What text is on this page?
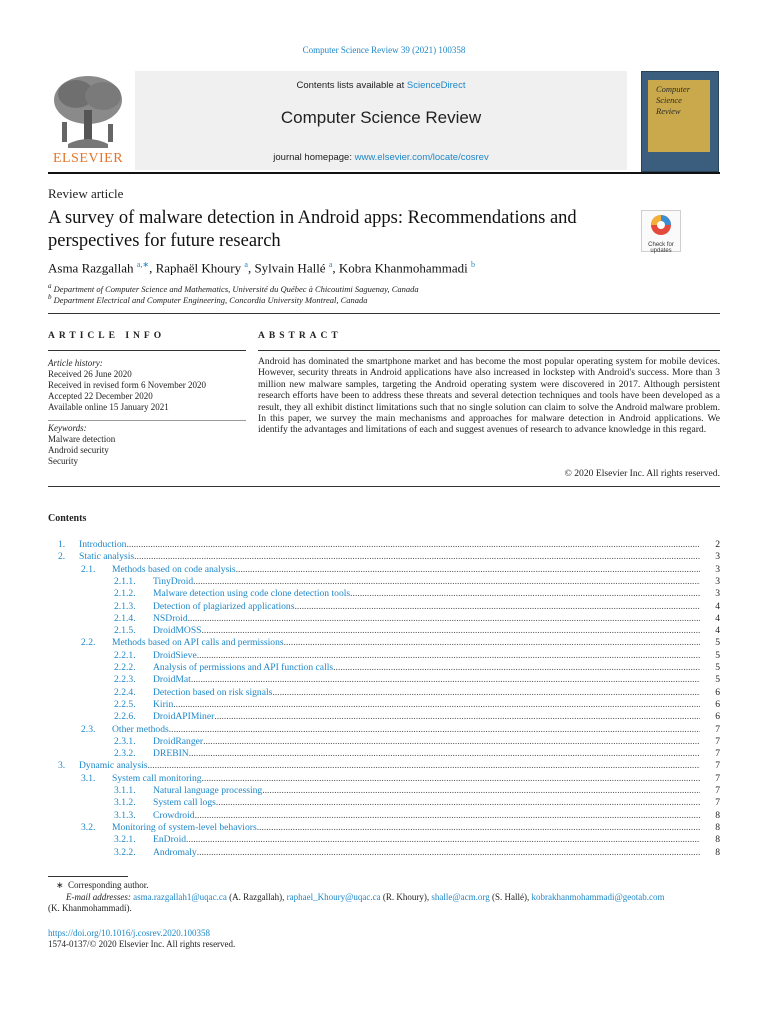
Computer Science Review 39 (2021) 100358
Contents lists available at ScienceDirect
Computer Science Review
journal homepage: www.elsevier.com/locate/cosrev
ELSEVIER
Computer
Science
Review
Review article
A survey of malware detection in Android apps: Recommendations and perspectives for future research	Check for updates
Asma Razgallah $^{a,∗}$, Raphaël Khoury $^a$, Sylvain Hallé $^a$, Kobra Khanmohammadi $^b$
$^a$ Department of Computer Science and Mathematics, Université du Québec à Chicoutimi Saguenay, Canada
$^b$ Department Electrical and Computer Engineering, Concordia University Montreal, Canada
ARTICLE INFO
Article history:
Received 26 June 2020
Received in revised form 6 November 2020
Accepted 22 December 2020
Available online 15 January 2021
Keywords:
Malware detection
Android security
Security
ABSTRACT
Android has dominated the smartphone market and has become the most popular operating system for mobile devices. However, security threats in Android applications have also increased in lockstep with Android's success. More than 3 million new malware samples, targeting the Android operating system were discovered in 2017. Although persistent research efforts have been to address these threats and several detection techniques and tools have been developed as a result, they all exhibit distinct limitations such that no single solution can claim to solve the Android malware problem. In this paper, we survey the main mechanisms and approaches for malware detection in Android applications. We identify the advantages and limitations of each and suggest avenues of research to advance knowledge in this regard.
© 2020 Elsevier Inc. All rights reserved.
Contents
1. Introduction .....	2
2. Static analysis .....	3
2.1. Methods based on code analysis .....	3
2.1.1. TinyDroid .....	3
2.1.2. Malware detection using code clone detection tools .....	3
2.1.3. Detection of plagiarized applications .....	4
2.1.4. NSDroid .....	4
2.1.5. DroidMOSS .....	4
2.2. Methods based on API calls and permissions .....	5
2.2.1. DroidSieve .....	5
2.2.2. Analysis of permissions and API function calls .....	5
2.2.3. DroidMat .....	5
2.2.4. Detection based on risk signals .....	6
2.2.5. Kirin .....	6
2.2.6. DroidAPIMiner .....	6
2.3. Other methods .....	7
2.3.1. DroidRanger .....	7
2.3.2. DREBIN .....	7
3. Dynamic analysis .....	7
3.1. System call monitoring .....	7
3.1.1. Natural language processing .....	7
3.1.2. System call logs .....	7
3.1.3. Crowdroid .....	8
3.2. Monitoring of system-level behaviors .....	8
3.2.1. EnDroid .....	8
3.2.2. Andromaly .....	8
∗  Corresponding author.
E-mail addresses: asma.razgallah1@uqac.ca (A. Razgallah), raphael_Khoury@uqac.ca (R. Khoury), shalle@acm.org (S. Hallé), kobrakhanmohammadi@geotab.com
(K. Khanmohammadi).
https://doi.org/10.1016/j.cosrev.2020.100358
1574-0137/© 2020 Elsevier Inc. All rights reserved.
